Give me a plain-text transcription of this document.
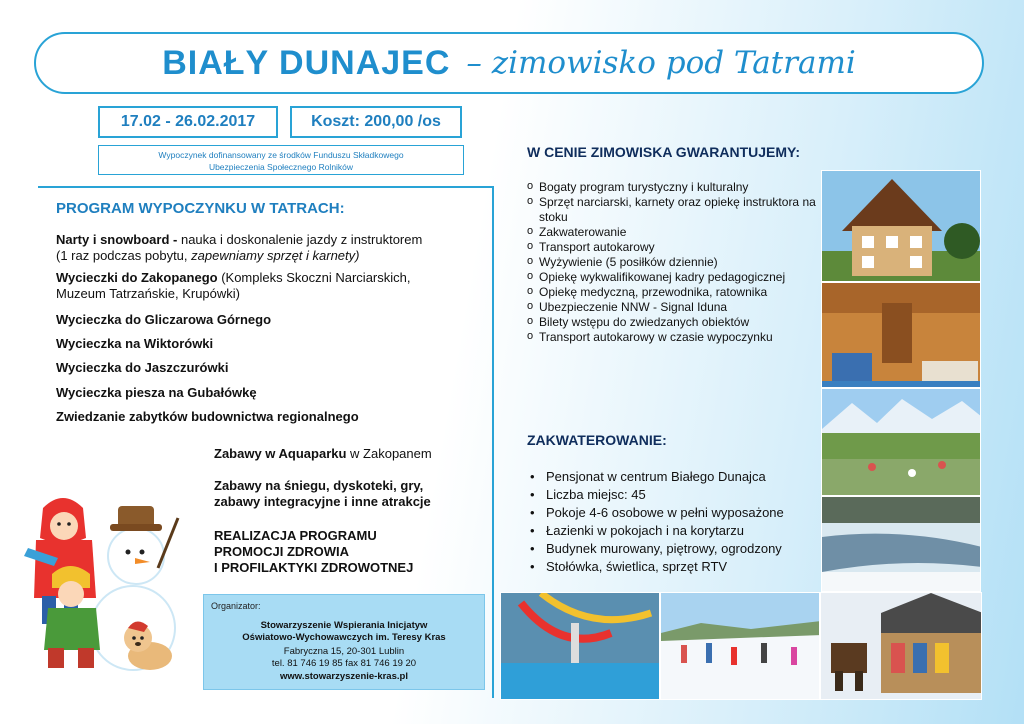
BIAŁY DUNAJEC – zimowisko pod Tatrami
17.02 - 26.02.2017	Koszt: 200,00 /os
Wypoczynek dofinansowany ze środków Funduszu Składkowego
Ubezpieczenia Społecznego Rolników
PROGRAM WYPOCZYNKU W TATRACH:
Narty i snowboard - nauka i doskonalenie jazdy z instruktorem
(1 raz podczas pobytu, zapewniamy sprzęt i karnety)
Wycieczki do Zakopanego (Kompleks Skoczni Narciarskich,
Muzeum Tatrzańskie, Krupówki)
Wycieczka do Gliczarowa Górnego
Wycieczka na Wiktorówki
Wycieczka do Jaszczurówki
Wycieczka piesza na Gubałówkę
Zwiedzanie zabytków budownictwa regionalnego
Zabawy w Aquaparku w Zakopanem
Zabawy na śniegu, dyskoteki, gry,
zabawy integracyjne i inne atrakcje
REALIZACJA PROGRAMU
PROMOCJI ZDROWIA
I PROFILAKTYKI ZDROWOTNEJ
Organizator:
Stowarzyszenie Wspierania Inicjatyw
Oświatowo-Wychowawczych im. Teresy Kras
Fabryczna 15, 20-301 Lublin
tel. 81 746 19 85 fax 81 746 19 20
www.stowarzyszenie-kras.pl
W CENIE ZIMOWISKA GWARANTUJEMY:
o Bogaty program turystyczny i kulturalny
o Sprzęt narciarski, karnety oraz opiekę instruktora na stoku
o Zakwaterowanie
o Transport autokarowy
o Wyżywienie (5 posiłków dziennie)
o Opiekę wykwalifikowanej kadry pedagogicznej
o Opiekę medyczną, przewodnika, ratownika
o Ubezpieczenie NNW - Signal Iduna
o Bilety wstępu do zwiedzanych obiektów
o Transport autokarowy w czasie wypoczynku
ZAKWATEROWANIE:
• Pensjonat w centrum Białego Dunajca
• Liczba miejsc: 45
• Pokoje 4-6 osobowe w pełni wyposażone
• Łazienki w pokojach i na korytarzu
• Budynek murowany, piętrowy, ogrodzony
• Stołówka, świetlica, sprzęt RTV
